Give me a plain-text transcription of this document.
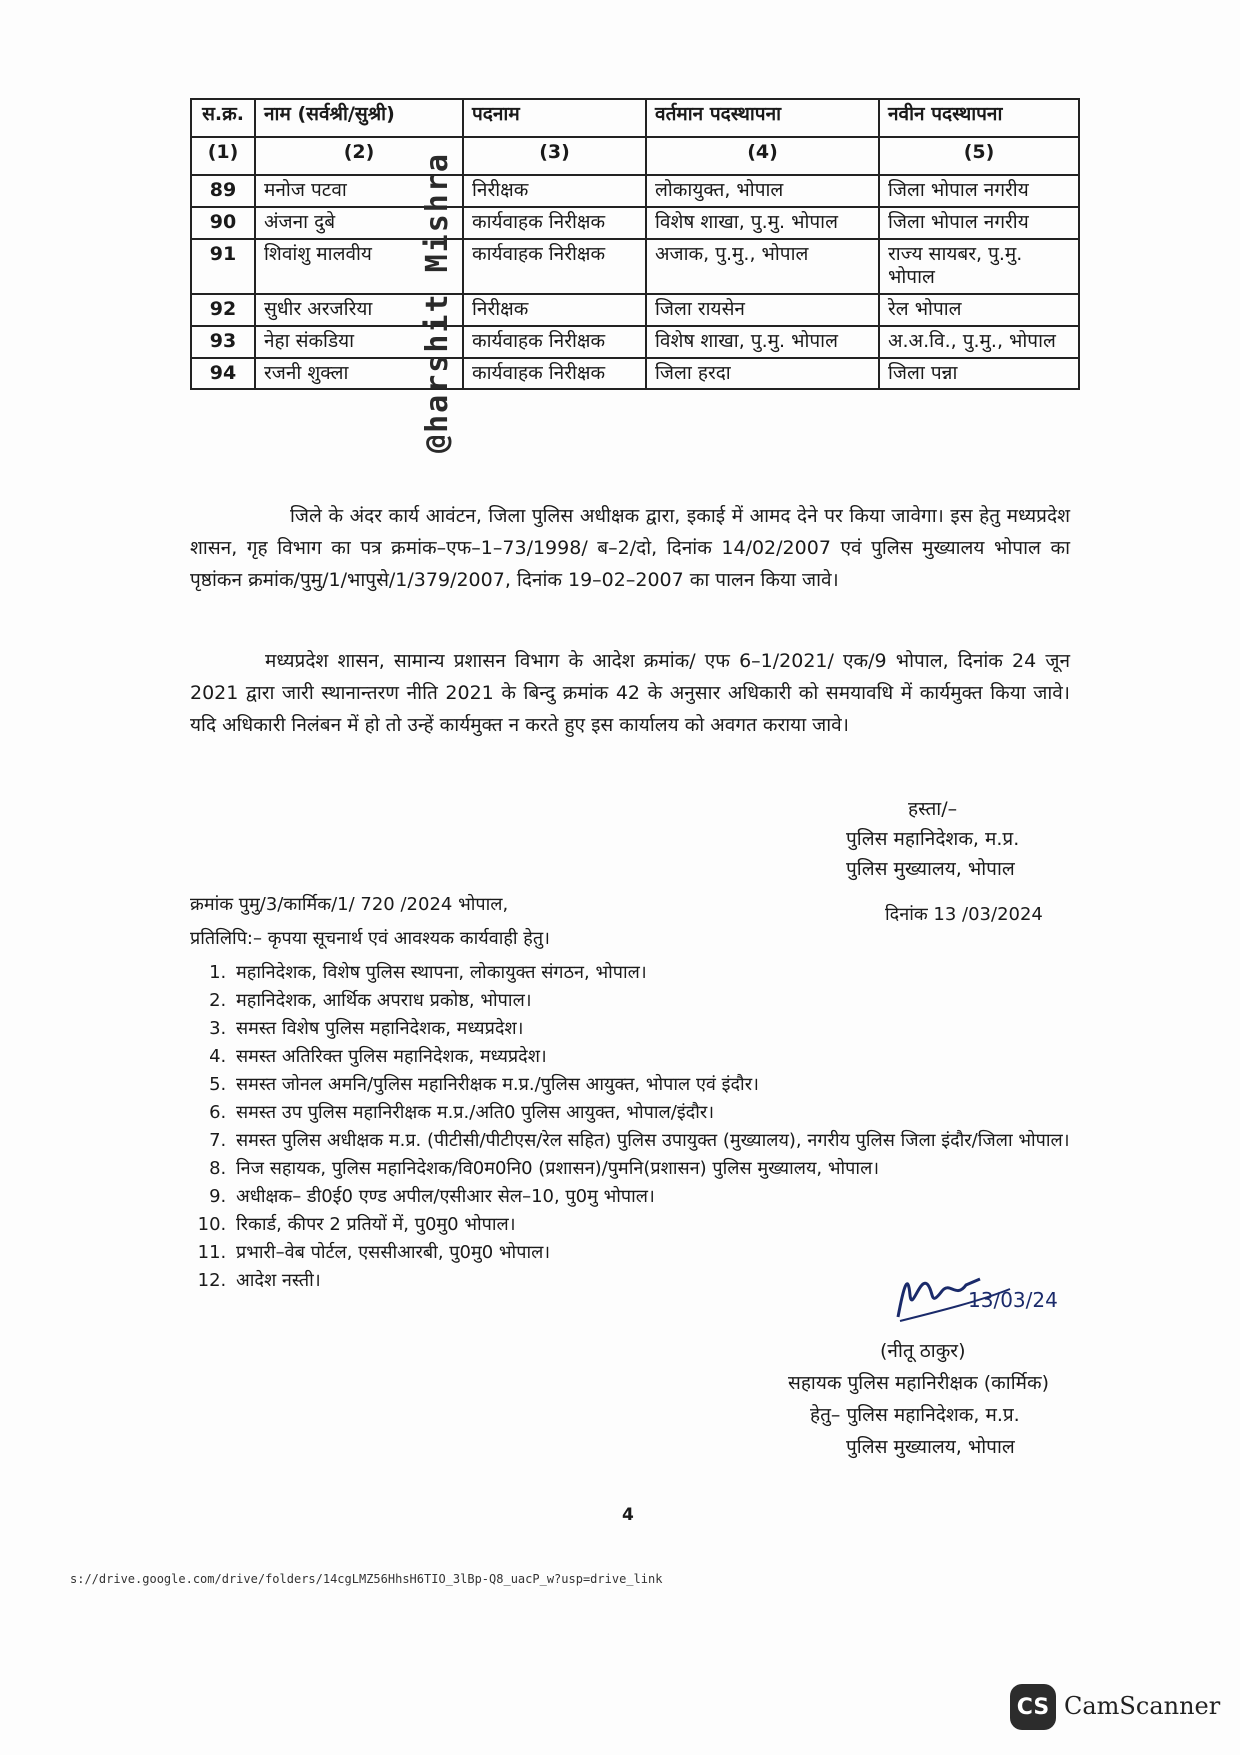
स.क्र.	नाम (सर्वश्री/सुश्री)	पदनाम	वर्तमान पदस्थापना	नवीन पदस्थापना
(1)	(2)	(3)	(4)	(5)
89	मनोज पटवा	निरीक्षक	लोकायुक्त, भोपाल	जिला भोपाल नगरीय
90	अंजना दुबे	कार्यवाहक निरीक्षक	विशेष शाखा, पु.मु. भोपाल	जिला भोपाल नगरीय
91	शिवांशु मालवीय	कार्यवाहक निरीक्षक	अजाक, पु.मु., भोपाल	राज्य सायबर, पु.मु. भोपाल
92	सुधीर अरजरिया	निरीक्षक	जिला रायसेन	रेल भोपाल
93	नेहा संकडिया	कार्यवाहक निरीक्षक	विशेष शाखा, पु.मु. भोपाल	अ.अ.वि., पु.मु., भोपाल
94	रजनी शुक्ला	कार्यवाहक निरीक्षक	जिला हरदा	जिला पन्ना
@harshit Mishra
जिले के अंदर कार्य आवंटन, जिला पुलिस अधीक्षक द्वारा, इकाई में आमद देने पर किया जावेगा। इस हेतु मध्यप्रदेश शासन, गृह विभाग का पत्र क्रमांक–एफ–1–73/1998/ ब–2/दो, दिनांक 14/02/2007 एवं पुलिस मुख्यालय भोपाल का पृष्ठांकन क्रमांक/पुमु/1/भापुसे/1/379/2007, दिनांक 19–02–2007 का पालन किया जावे।
मध्यप्रदेश शासन, सामान्य प्रशासन विभाग के आदेश क्रमांक/ एफ 6–1/2021/ एक/9 भोपाल, दिनांक 24 जून 2021 द्वारा जारी स्थानान्तरण नीति 2021 के बिन्दु क्रमांक 42 के अनुसार अधिकारी को समयावधि में कार्यमुक्त किया जावे। यदि अधिकारी निलंबन में हो तो उन्हें कार्यमुक्त न करते हुए इस कार्यालय को अवगत कराया जावे।
हस्ता/–
पुलिस महानिदेशक, म.प्र.
पुलिस मुख्यालय, भोपाल
क्रमांक पुमु/3/कार्मिक/1/ 720 /2024 भोपाल,	दिनांक 13 /03/2024
प्रतिलिपि:– कृपया सूचनार्थ एवं आवश्यक कार्यवाही हेतु।
1. महानिदेशक, विशेष पुलिस स्थापना, लोकायुक्त संगठन, भोपाल।
2. महानिदेशक, आर्थिक अपराध प्रकोष्ठ, भोपाल।
3. समस्त विशेष पुलिस महानिदेशक, मध्यप्रदेश।
4. समस्त अतिरिक्त पुलिस महानिदेशक, मध्यप्रदेश।
5. समस्त जोनल अमनि/पुलिस महानिरीक्षक म.प्र./पुलिस आयुक्त, भोपाल एवं इंदौर।
6. समस्त उप पुलिस महानिरीक्षक म.प्र./अति0 पुलिस आयुक्त, भोपाल/इंदौर।
7. समस्त पुलिस अधीक्षक म.प्र. (पीटीसी/पीटीएस/रेल सहित) पुलिस उपायुक्त (मुख्यालय), नगरीय पुलिस जिला इंदौर/जिला भोपाल।
8. निज सहायक, पुलिस महानिदेशक/वि0म0नि0 (प्रशासन)/पुमनि(प्रशासन) पुलिस मुख्यालय, भोपाल।
9. अधीक्षक– डी0ई0 एण्ड अपील/एसीआर सेल–10, पु0मु भोपाल।
10. रिकार्ड, कीपर 2 प्रतियों में, पु0मु0 भोपाल।
11. प्रभारी–वेब पोर्टल, एससीआरबी, पु0मु0 भोपाल।
12. आदेश नस्ती।
13/03/24
(नीतू ठाकुर)
सहायक पुलिस महानिरीक्षक (कार्मिक)
हेतु– पुलिस महानिदेशक, म.प्र.
पुलिस मुख्यालय, भोपाल
4
s://drive.google.com/drive/folders/14cgLMZ56HhsH6TIO_3lBp-Q8_uacP_w?usp=drive_link
CS CamScanner
